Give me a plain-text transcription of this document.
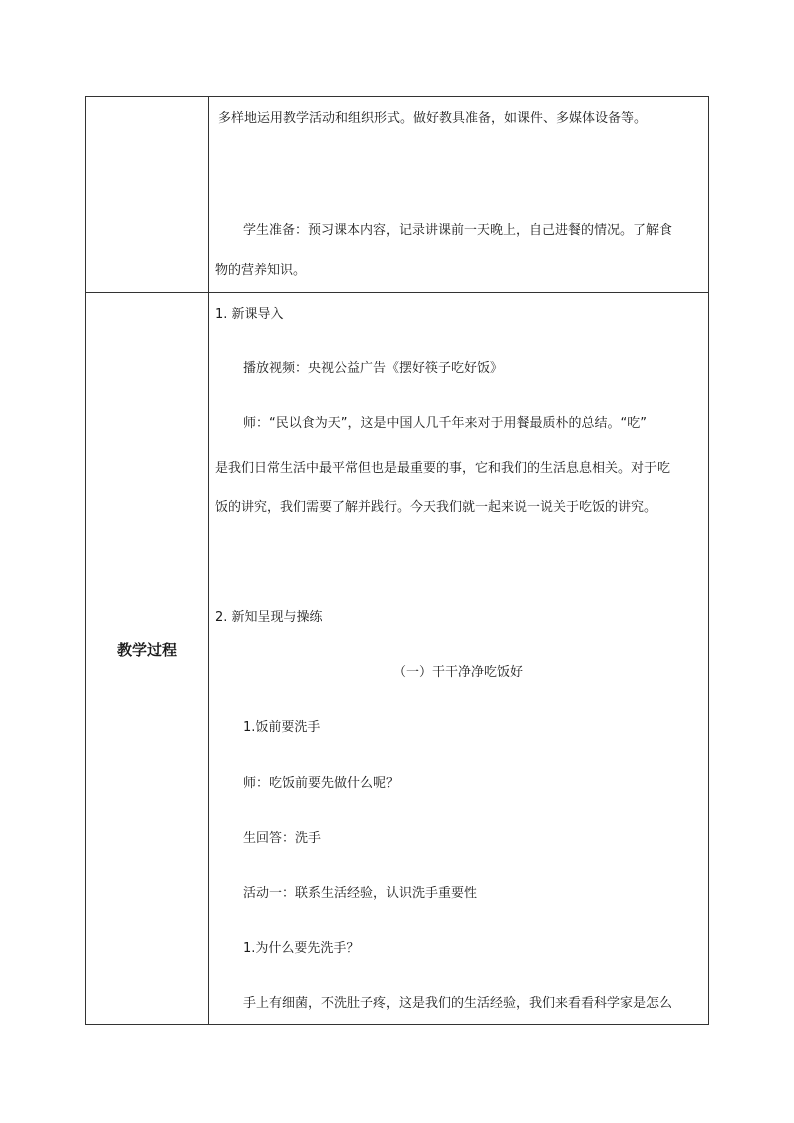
教学过程
多样地运用教学活动和组织形式。做好教具准备，如课件、多媒体设备等。
学生准备：预习课本内容，记录讲课前一天晚上，自己进餐的情况。了解食
物的营养知识。
1. 新课导入
播放视频：央视公益广告《摆好筷子吃好饭》
师：“民以食为天”，这是中国人几千年来对于用餐最质朴的总结。“吃”
是我们日常生活中最平常但也是最重要的事，它和我们的生活息息相关。对于吃
饭的讲究，我们需要了解并践行。今天我们就一起来说一说关于吃饭的讲究。
2. 新知呈现与操练
（一）干干净净吃饭好
1.饭前要洗手
师：吃饭前要先做什么呢？
生回答：洗手
活动一：联系生活经验，认识洗手重要性
1.为什么要先洗手？
手上有细菌，不洗肚子疼，这是我们的生活经验，我们来看看科学家是怎么
